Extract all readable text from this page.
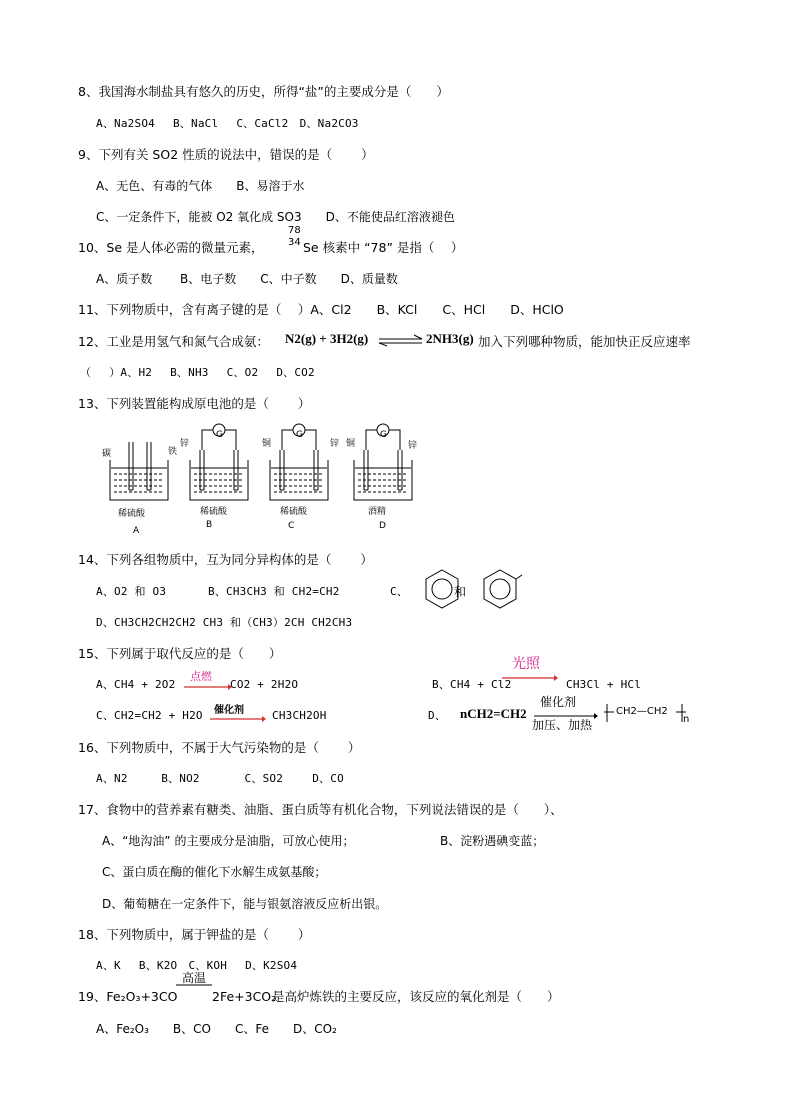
8、我国海水制盐具有悠久的历史，所得“盐”的主要成分是（　　）
A、Na2SO4　 B、NaCl　 C、CaCl2　D、Na2CO3
9、下列有关 SO2 性质的说法中，错误的是（　　 ）
A、无色、有毒的气体　　B、易溶于水
C、一定条件下，能被 O2 氧化成 SO3　　D、不能使品红溶液褪色
10、Se 是人体必需的微量元素，
78
34 Se 核素中 “78” 是指（　 ）
A、质子数　　 B、电子数　　C、中子数　　D、质量数
11、下列物质中，含有离子键的是（　 ）A、Cl2　　B、KCl　　C、HCl　　D、HClO
12、工业是用氢气和氮气合成氨： N2(g) + 3H2(g) ⇌ 2NH3(g) 加入下列哪种物质，能加快正反应速率
（　 ）A、H2　 B、NH3　 C、O2　 D、CO2
13、下列装置能构成原电池的是（　　 ）
碳	铁
稀硫酸
A
锌
G
稀硫酸
B
铜	锌
G
稀硫酸
C
铜	锌
G
酒精
D
14、下列各组物质中，互为同分异构体的是（　　 ）
A、O2 和 O3	B、CH3CH3 和 CH2=CH2	C、	和
D、CH3CH2CH2CH2 CH3 和（CH3）2CH CH2CH3
15、下列属于取代反应的是（　　）
A、CH4 + 2O2
点燃
CO2 + 2H2O	B、CH4 + Cl2
光照
CH3Cl + HCl
C、CH2=CH2 + H2O 催化剂	CH3CH2OH	D、 nCH2=CH2
催化剂
加压、加热
CH2—CH2
n
16、下列物质中，不属于大气污染物的是（　　 ）
A、N2　　　B、NO2　　　　C、SO2　　 D、CO
17、食物中的营养素有糖类、油脂、蛋白质等有机化合物，下列说法错误的是（　　）、
A、“地沟油” 的主要成分是油脂，可放心使用；	B、淀粉遇碘变蓝；
C、蛋白质在酶的催化下水解生成氨基酸；
D、葡萄糖在一定条件下，能与银氨溶液反应析出银。
18、下列物质中，属于钾盐的是（　　 ）
A、K　 B、K2O　C、KOH　 D、K2SO4
19、Fe₂O₃+3CO
高温
2Fe+3CO₂
是高炉炼铁的主要反应，该反应的氧化剂是（　　）
A、Fe₂O₃　　B、CO　　C、Fe　　D、CO₂
